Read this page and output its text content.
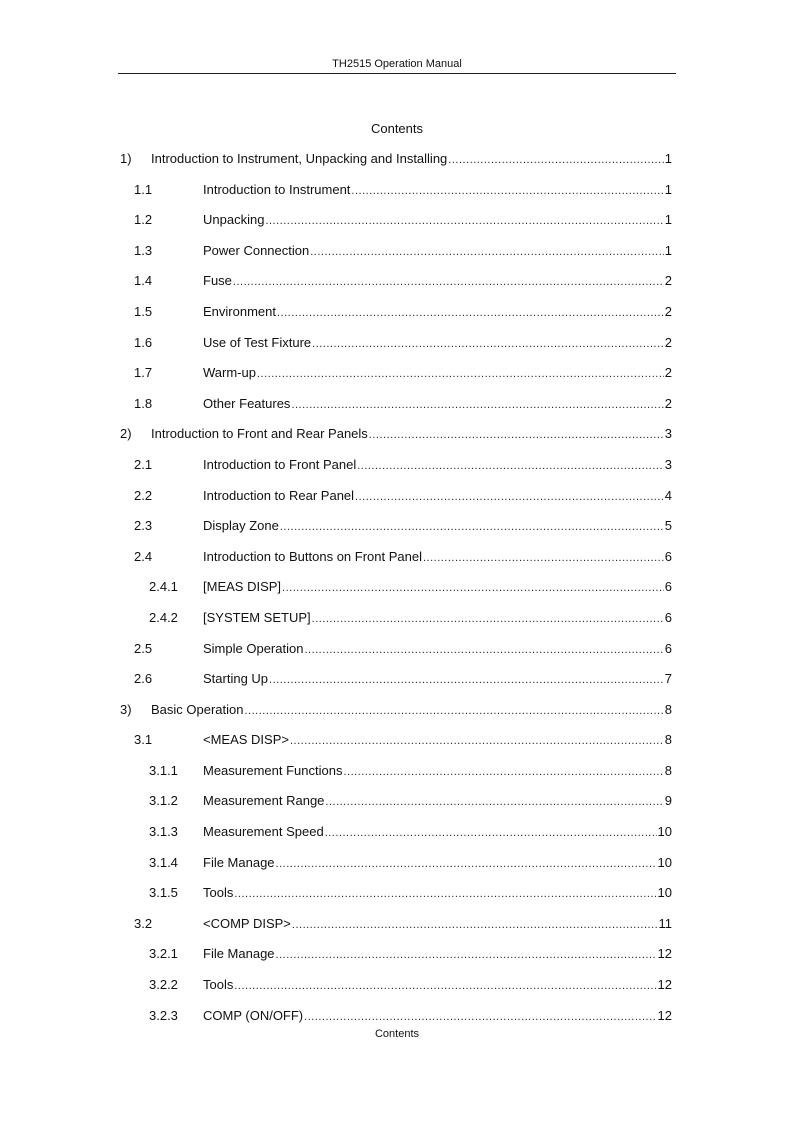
TH2515 Operation Manual
Contents
1)	Introduction to Instrument, Unpacking and Installing .....	1
1.1	Introduction to Instrument .....	1
1.2	Unpacking .....	1
1.3	Power Connection .....	1
1.4	Fuse .....	2
1.5	Environment .....	2
1.6	Use of Test Fixture .....	2
1.7	Warm-up .....	2
1.8	Other Features .....	2
2)	Introduction to Front and Rear Panels .....	3
2.1	Introduction to Front Panel .....	3
2.2	Introduction to Rear Panel .....	4
2.3	Display Zone .....	5
2.4	Introduction to Buttons on Front Panel .....	6
2.4.1	[MEAS DISP] .....	6
2.4.2	[SYSTEM SETUP] .....	6
2.5	Simple Operation .....	6
2.6	Starting Up .....	7
3)	Basic Operation .....	8
3.1	<MEAS DISP> .....	8
3.1.1	Measurement Functions .....	8
3.1.2	Measurement Range .....	9
3.1.3	Measurement Speed .....	10
3.1.4	File Manage .....	10
3.1.5	Tools .....	10
3.2	<COMP DISP> .....	11
3.2.1	File Manage .....	12
3.2.2	Tools .....	12
3.2.3	COMP (ON/OFF) .....	12
Contents
